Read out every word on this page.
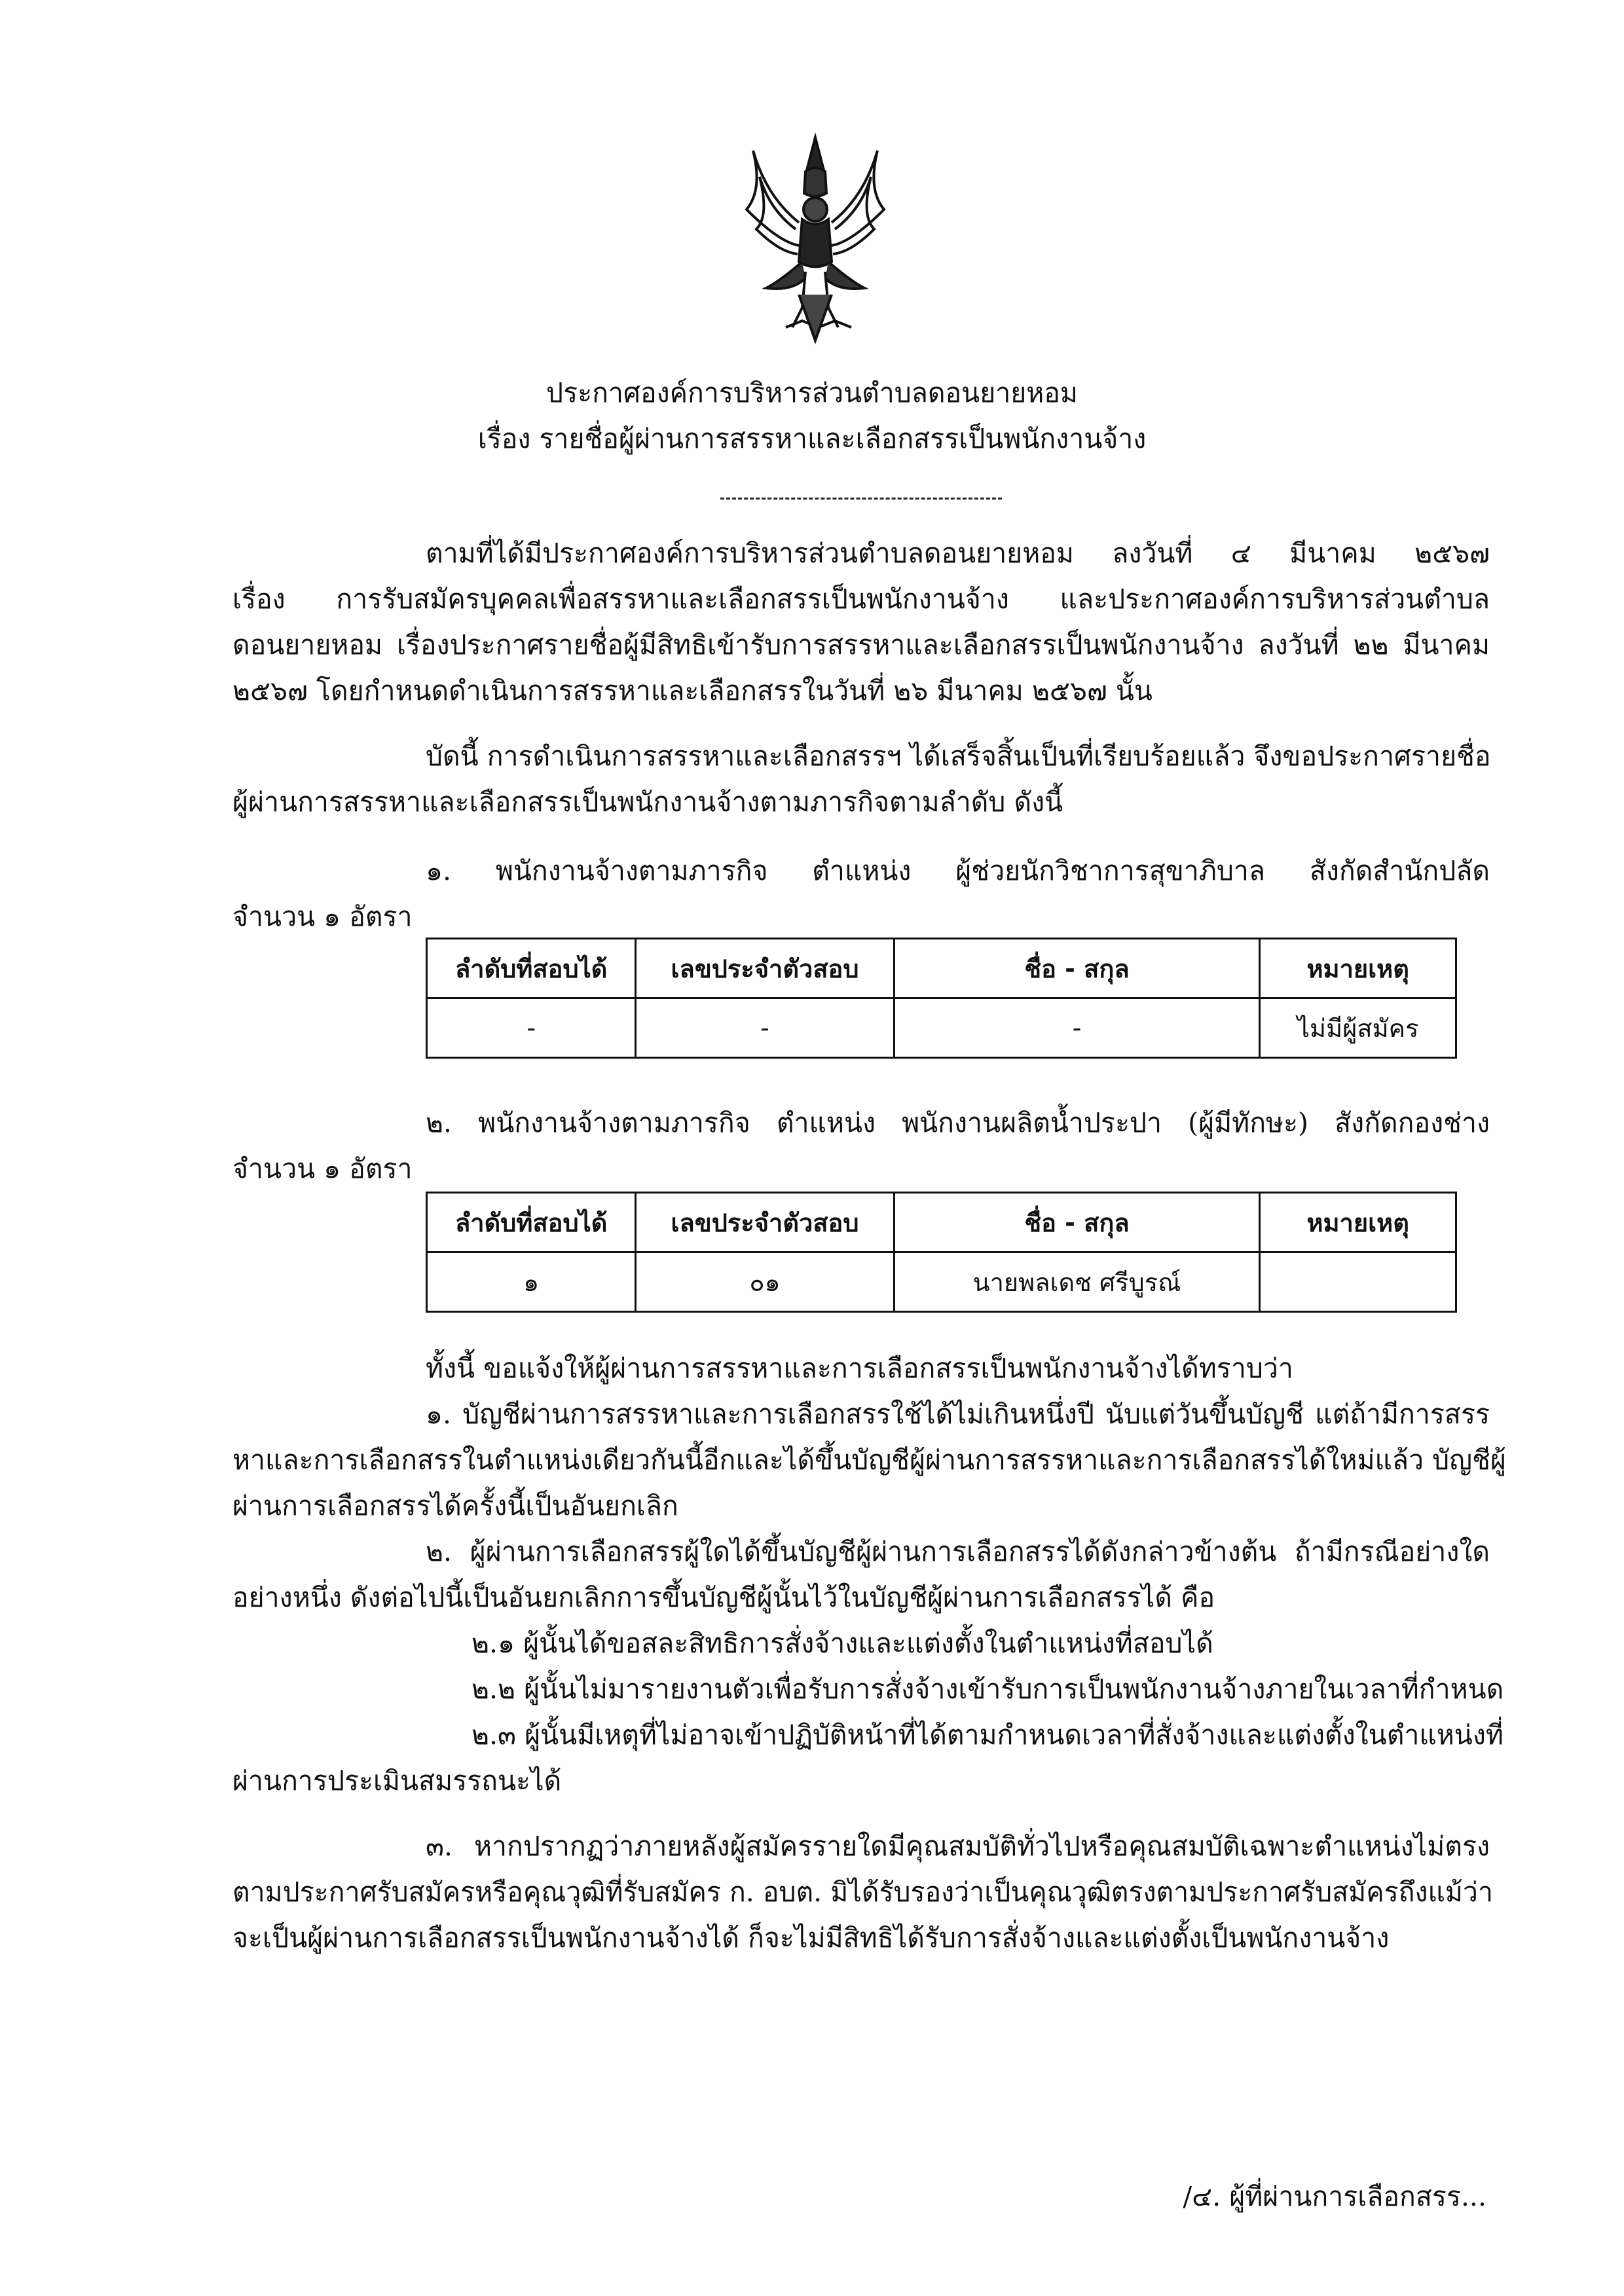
ประกาศองค์การบริหารส่วนตำบลดอนยายหอม
เรื่อง รายชื่อผู้ผ่านการสรรหาและเลือกสรรเป็นพนักงานจ้าง
ตามที่ได้มีประกาศองค์การบริหารส่วนตำบลดอนยายหอม ลงวันที่ ๔ มีนาคม ๒๕๖๗
เรื่อง การรับสมัครบุคคลเพื่อสรรหาและเลือกสรรเป็นพนักงานจ้าง และประกาศองค์การบริหารส่วนตำบล
ดอนยายหอม เรื่องประกาศรายชื่อผู้มีสิทธิเข้ารับการสรรหาและเลือกสรรเป็นพนักงานจ้าง ลงวันที่ ๒๒ มีนาคม
๒๕๖๗ โดยกำหนดดำเนินการสรรหาและเลือกสรรในวันที่ ๒๖ มีนาคม ๒๕๖๗ นั้น
บัดนี้ การดำเนินการสรรหาและเลือกสรรฯ ได้เสร็จสิ้นเป็นที่เรียบร้อยแล้ว จึงขอประกาศรายชื่อ
ผู้ผ่านการสรรหาและเลือกสรรเป็นพนักงานจ้างตามภารกิจตามลำดับ ดังนี้
๑. พนักงานจ้างตามภารกิจ ตำแหน่ง ผู้ช่วยนักวิชาการสุขาภิบาล สังกัดสำนักปลัด
จำนวน ๑ อัตรา
ลำดับที่สอบได้	เลขประจำตัวสอบ	ชื่อ - สกุล	หมายเหตุ
-	-	-	ไม่มีผู้สมัคร
๒. พนักงานจ้างตามภารกิจ ตำแหน่ง พนักงานผลิตน้ำประปา (ผู้มีทักษะ) สังกัดกองช่าง
จำนวน ๑ อัตรา
ลำดับที่สอบได้	เลขประจำตัวสอบ	ชื่อ - สกุล	หมายเหตุ
๑	๐๑	นายพลเดช ศรีบูรณ์	
ทั้งนี้ ขอแจ้งให้ผู้ผ่านการสรรหาและการเลือกสรรเป็นพนักงานจ้างได้ทราบว่า
๑. บัญชีผ่านการสรรหาและการเลือกสรรใช้ได้ไม่เกินหนึ่งปี นับแต่วันขึ้นบัญชี แต่ถ้ามีการสรร
หาและการเลือกสรรในตำแหน่งเดียวกันนี้อีกและได้ขึ้นบัญชีผู้ผ่านการสรรหาและการเลือกสรรได้ใหม่แล้ว บัญชีผู้
ผ่านการเลือกสรรได้ครั้งนี้เป็นอันยกเลิก
๒. ผู้ผ่านการเลือกสรรผู้ใดได้ขึ้นบัญชีผู้ผ่านการเลือกสรรได้ดังกล่าวข้างต้น ถ้ามีกรณีอย่างใด
อย่างหนึ่ง ดังต่อไปนี้เป็นอันยกเลิกการขึ้นบัญชีผู้นั้นไว้ในบัญชีผู้ผ่านการเลือกสรรได้ คือ
๒.๑ ผู้นั้นได้ขอสละสิทธิการสั่งจ้างและแต่งตั้งในตำแหน่งที่สอบได้
๒.๒ ผู้นั้นไม่มารายงานตัวเพื่อรับการสั่งจ้างเข้ารับการเป็นพนักงานจ้างภายในเวลาที่กำหนด
๒.๓ ผู้นั้นมีเหตุที่ไม่อาจเข้าปฏิบัติหน้าที่ได้ตามกำหนดเวลาที่สั่งจ้างและแต่งตั้งในตำแหน่งที่
ผ่านการประเมินสมรรถนะได้
๓. หากปรากฏว่าภายหลังผู้สมัครรายใดมีคุณสมบัติทั่วไปหรือคุณสมบัติเฉพาะตำแหน่งไม่ตรง
ตามประกาศรับสมัครหรือคุณวุฒิที่รับสมัคร ก. อบต. มิได้รับรองว่าเป็นคุณวุฒิตรงตามประกาศรับสมัครถึงแม้ว่า
จะเป็นผู้ผ่านการเลือกสรรเป็นพนักงานจ้างได้ ก็จะไม่มีสิทธิได้รับการสั่งจ้างและแต่งตั้งเป็นพนักงานจ้าง
/๔. ผู้ที่ผ่านการเลือกสรร...
